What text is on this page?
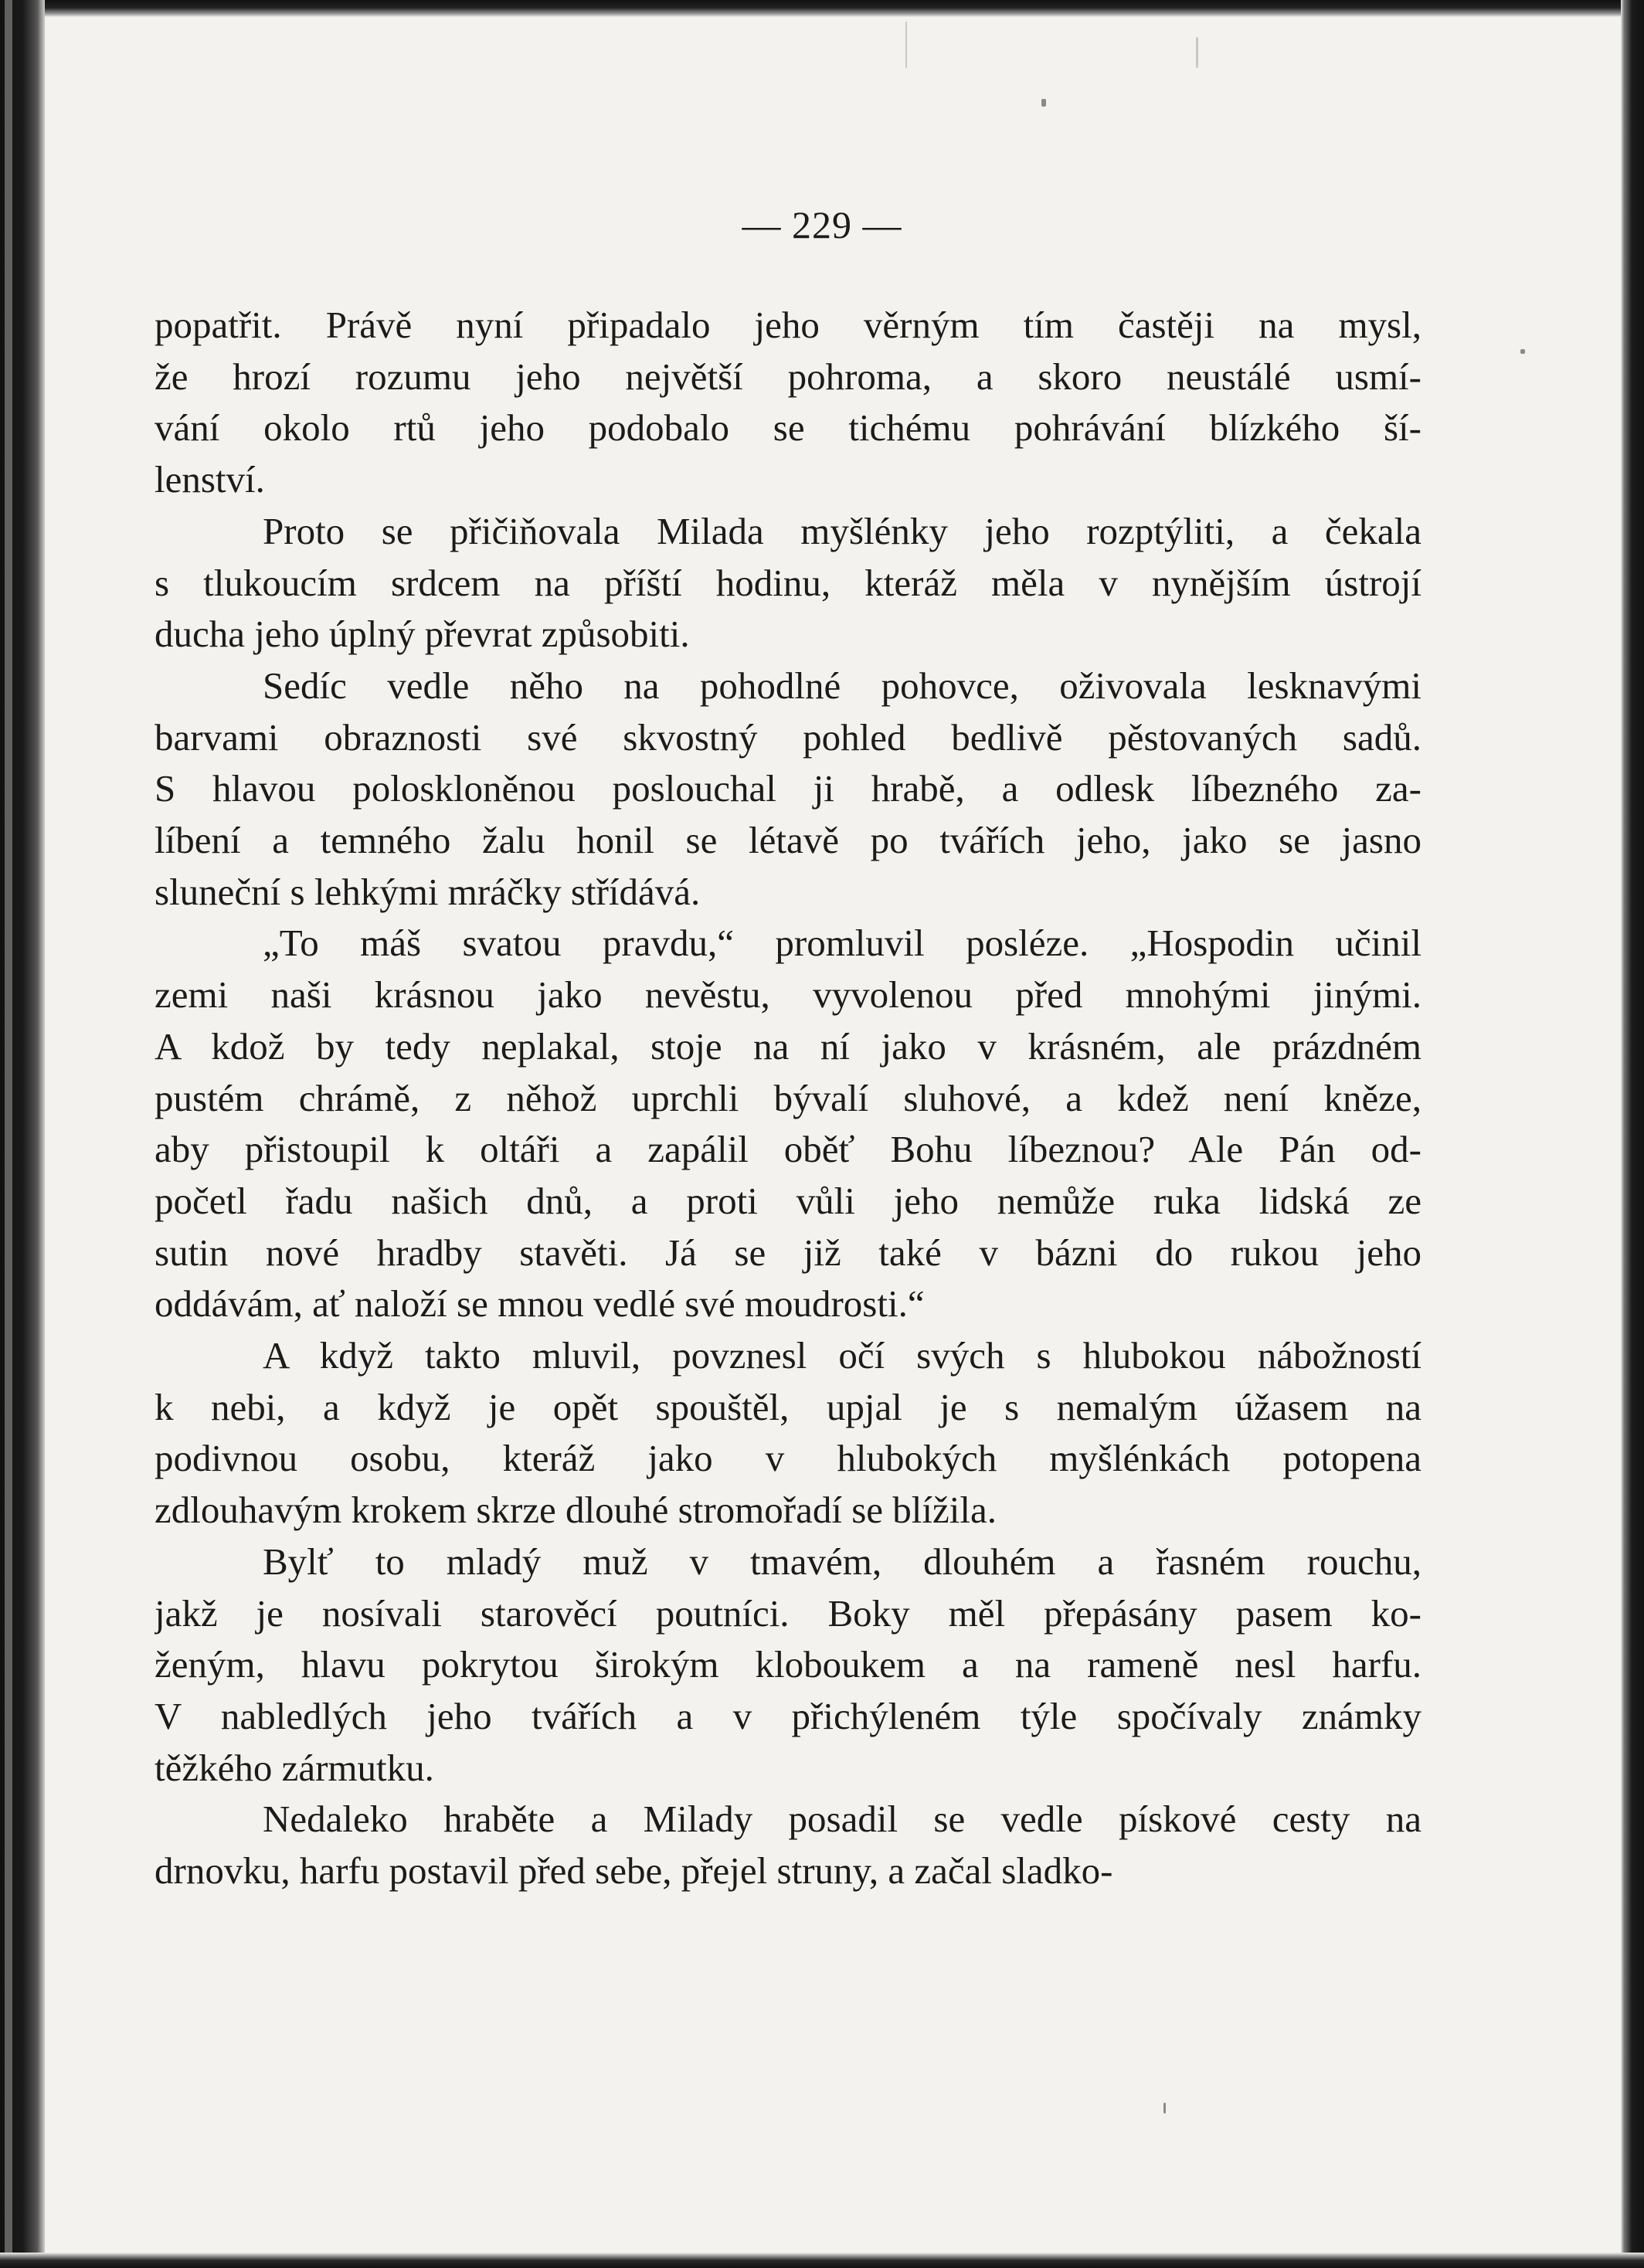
— 229 —
popatřit. Právě nyní připadalo jeho věrným tím častěji na mysl,
že hrozí rozumu jeho největší pohroma, a skoro neustálé usmí-
vání okolo rtů jeho podobalo se tichému pohrávání blízkého ší-
lenství.
Proto se přičiňovala Milada myšlénky jeho rozptýliti, a čekala
s tlukoucím srdcem na příští hodinu, kteráž měla v nynějším ústrojí
ducha jeho úplný převrat způsobiti.
Sedíc vedle něho na pohodlné pohovce, oživovala lesknavými
barvami obraznosti své skvostný pohled bedlivě pěstovaných sadů.
S hlavou poloskloněnou poslouchal ji hrabě, a odlesk líbezného za-
líbení a temného žalu honil se létavě po tvářích jeho, jako se jasno
sluneční s lehkými mráčky střídává.
„To máš svatou pravdu,“ promluvil posléze. „Hospodin učinil
zemi naši krásnou jako nevěstu, vyvolenou před mnohými jinými.
A kdož by tedy neplakal, stoje na ní jako v krásném, ale prázdném
pustém chrámě, z něhož uprchli bývalí sluhové, a kdež není kněze,
aby přistoupil k oltáři a zapálil oběť Bohu líbeznou? Ale Pán od-
početl řadu našich dnů, a proti vůli jeho nemůže ruka lidská ze
sutin nové hradby stavěti. Já se již také v bázni do rukou jeho
oddávám, ať naloží se mnou vedlé své moudrosti.“
A když takto mluvil, povznesl očí svých s hlubokou nábožností
k nebi, a když je opět spouštěl, upjal je s nemalým úžasem na
podivnou osobu, kteráž jako v hlubokých myšlénkách potopena
zdlouhavým krokem skrze dlouhé stromořadí se blížila.
Bylť to mladý muž v tmavém, dlouhém a řasném rouchu,
jakž je nosívali starověcí poutníci. Boky měl přepásány pasem ko-
ženým, hlavu pokrytou širokým kloboukem a na rameně nesl harfu.
V nabledlých jeho tvářích a v přichýleném týle spočívaly známky
těžkého zármutku.
Nedaleko hraběte a Milady posadil se vedle pískové cesty na
drnovku, harfu postavil před sebe, přejel struny, a začal sladko-
